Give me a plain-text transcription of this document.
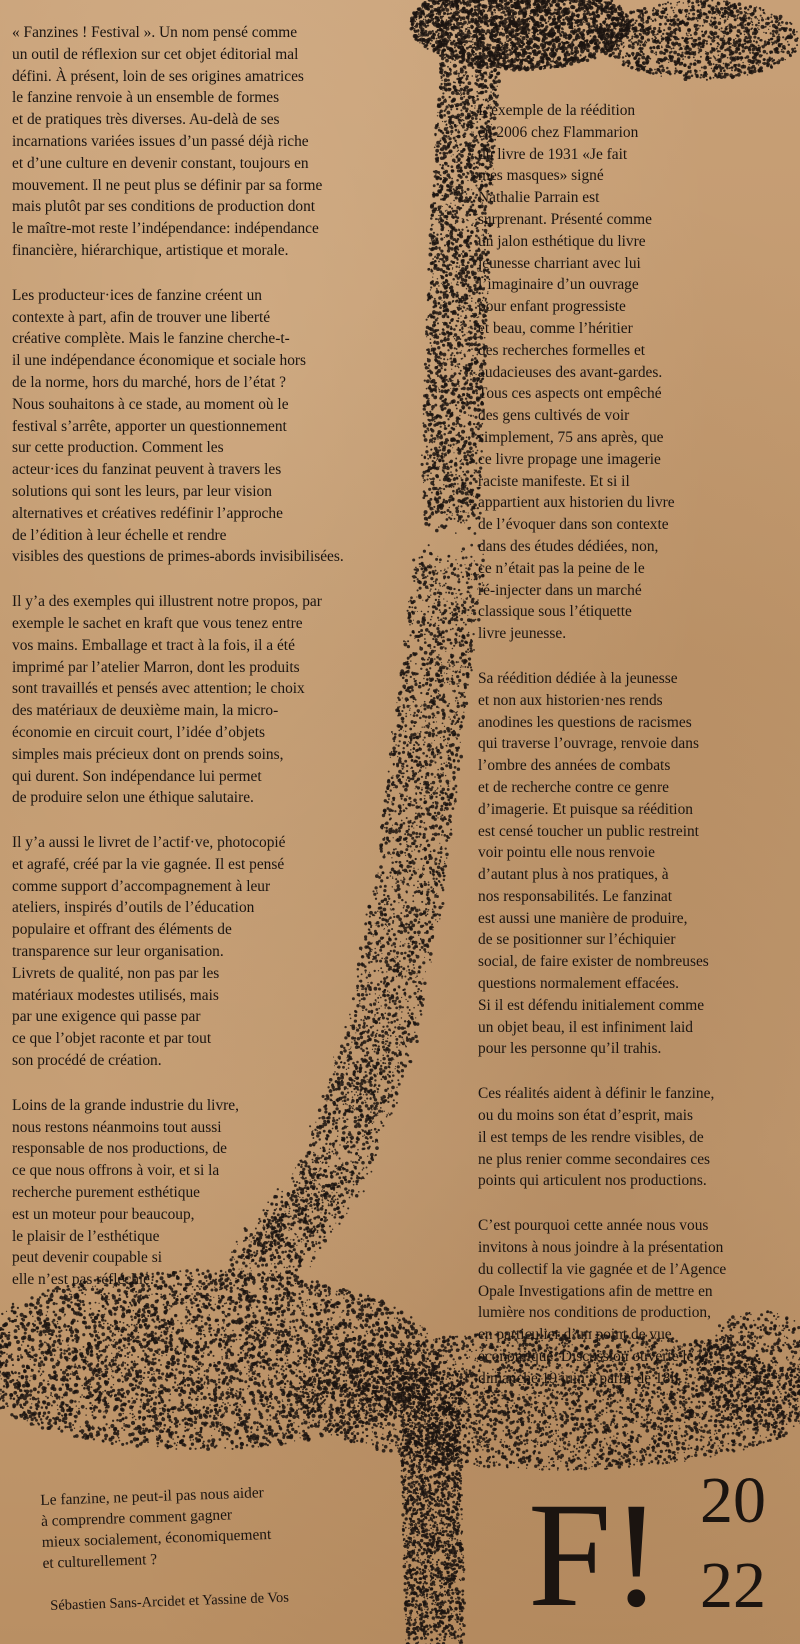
« Fanzines ! Festival ». Un nom pensé comme
un outil de réflexion sur cet objet éditorial mal
défini. À présent, loin de ses origines amatrices
le fanzine renvoie à un ensemble de formes
et de pratiques très diverses. Au-delà de ses
incarnations variées issues d’un passé déjà riche
et d’une culture en devenir constant, toujours en
mouvement. Il ne peut plus se définir par sa forme
mais plutôt par ses conditions de production dont
le maître-mot reste l’indépendance: indépendance
financière, hiérarchique, artistique et morale.

Les producteur·ices de fanzine créent un
contexte à part, afin de trouver une liberté
créative complète. Mais le fanzine cherche-t-
il une indépendance économique et sociale hors
de la norme, hors du marché, hors de l’état ?
Nous souhaitons à ce stade, au moment où le
festival s’arrête, apporter un questionnement
sur cette production. Comment les
acteur·ices du fanzinat peuvent à travers les
solutions qui sont les leurs, par leur vision
alternatives et créatives redéfinir l’approche
de l’édition à leur échelle et rendre
visibles des questions de primes-abords invisibilisées.

Il y’a des exemples qui illustrent notre propos, par
exemple le sachet en kraft que vous tenez entre
vos mains. Emballage et tract à la fois, il a été
imprimé par l’atelier Marron, dont les produits
sont travaillés et pensés avec attention; le choix
des matériaux de deuxième main, la micro-
économie en circuit court, l’idée d’objets
simples mais précieux dont on prends soins,
qui durent. Son indépendance lui permet
de produire selon une éthique salutaire.

Il y’a aussi le livret de l’actif·ve, photocopié
et agrafé, créé par la vie gagnée. Il est pensé
comme support d’accompagnement à leur
ateliers, inspirés d’outils de l’éducation
populaire et offrant des éléments de
transparence sur leur organisation.
Livrets de qualité, non pas par les
matériaux modestes utilisés, mais
par une exigence qui passe par
ce que l’objet raconte et par tout
son procédé de création.

Loins de la grande industrie du livre,
nous restons néanmoins tout aussi
responsable de nos productions, de
ce que nous offrons à voir, et si la
recherche purement esthétique
est un moteur pour beaucoup,
le plaisir de l’esthétique
peut devenir coupable si
elle n’est pas réfléchie.

L’exemple de la réédition
en 2006 chez Flammarion
du livre de 1931 «Je fait
mes masques» signé
Nathalie Parrain est
surprenant. Présenté comme
un jalon esthétique du livre
jeunesse charriant avec lui
l’imaginaire d’un ouvrage
pour enfant progressiste
et beau, comme l’héritier
des recherches formelles et
audacieuses des avant-gardes.
Tous ces aspects ont empêché
des gens cultivés de voir
simplement, 75 ans après, que
ce livre propage une imagerie
raciste manifeste. Et si il
appartient aux historien du livre
de l’évoquer dans son contexte
dans des études dédiées, non,
ce n’était pas la peine de le
ré-injecter dans un marché
classique sous l’étiquette
livre jeunesse.

Sa réédition dédiée à la jeunesse
et non aux historien·nes rends
anodines les questions de racismes
qui traverse l’ouvrage, renvoie dans
l’ombre des années de combats
et de recherche contre ce genre
d’imagerie. Et puisque sa réédition
est censé toucher un public restreint
voir pointu elle nous renvoie
d’autant plus à nos pratiques, à
nos responsabilités. Le fanzinat
est aussi une manière de produire,
de se positionner sur l’échiquier
social, de faire exister de nombreuses
questions normalement effacées.
Si il est défendu initialement comme
un objet beau, il est infiniment laid
pour les personne qu’il trahis.

Ces réalités aident à définir le fanzine,
ou du moins son état d’esprit, mais
il est temps de les rendre visibles, de
ne plus renier comme secondaires ces
points qui articulent nos productions.

C’est pourquoi cette année nous vous
invitons à nous joindre à la présentation
du collectif la vie gagnée et de l’Agence
Opale Investigations afin de mettre en
lumière nos conditions de production,
en particulier d’un point de vue
économique. Discussion ouverte le
dimanche 19 juin à partir de 18h.

Le fanzine, ne peut-il pas nous aider
à comprendre comment gagner
mieux socialement, économiquement
et culturellement ?
Sébastien Sans-Arcidet et Yassine de Vos F! 20
22
